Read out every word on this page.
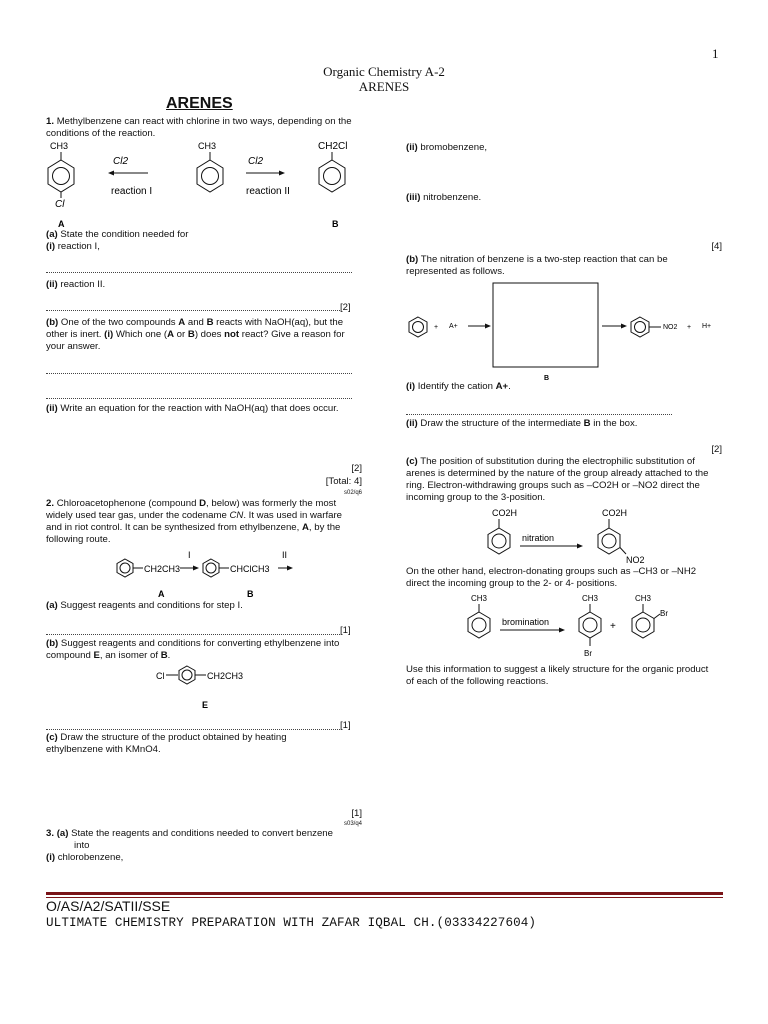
1
Organic Chemistry A-2
ARENES
ARENES
1. Methylbenzene can react with chlorine in two ways, depending on the conditions of the reaction.
CH3
Cl
Cl2
reaction I
CH3
Cl2
reaction II
CH2Cl
A	B
(a) State the condition needed for
(i) reaction I,
(ii) reaction II.
[2]
(b) One of the two compounds A and B reacts with NaOH(aq), but the other is inert. (i) Which one (A or B) does not react? Give a reason for your answer.
(ii) Write an equation for the reaction with NaOH(aq) that does occur.
[2]
[Total: 4]
s02/q6
2. Chloroacetophenone (compound D, below) was formerly the most widely used tear gas, under the codename CN. It was used in warfare and in riot control. It can be synthesized from ethylbenzene, A, by the following route.
CH2CH3
I
CHClCH3
II
A	B
(a) Suggest reagents and conditions for step I.
[1]
(b) Suggest reagents and conditions for converting ethylbenzene into compound E, an isomer of B.
Cl	CH2CH3
E
[1]
(c) Draw the structure of the product obtained by heating ethylbenzene with KMnO4.
[1]
s03/q4
3. (a) State the reagents and conditions needed to convert benzene
into
(i) chlorobenzene,
(ii) bromobenzene,
(iii) nitrobenzene.
[4]
(b) The nitration of benzene is a two-step reaction that can be represented as follows.
+ A+	NO2 + H+
B
(i) Identify the cation A+.
(ii) Draw the structure of the intermediate B in the box.
[2]
(c) The position of substitution during the electrophilic substitution of arenes is determined by the nature of the group already attached to the ring. Electron-withdrawing groups such as –CO2H or –NO2 direct the incoming group to the 3-position.
CO2H
nitration
CO2H
NO2
On the other hand, electron-donating groups such as –CH3 or –NH2 direct the incoming group to the 2- or 4- positions.
CH3
bromination
CH3
Br
+
CH3
Br
Use this information to suggest a likely structure for the organic product of each of the following reactions.
O/AS/A2/SATII/SSE
ULTIMATE CHEMISTRY PREPARATION WITH ZAFAR IQBAL CH.(03334227604)
